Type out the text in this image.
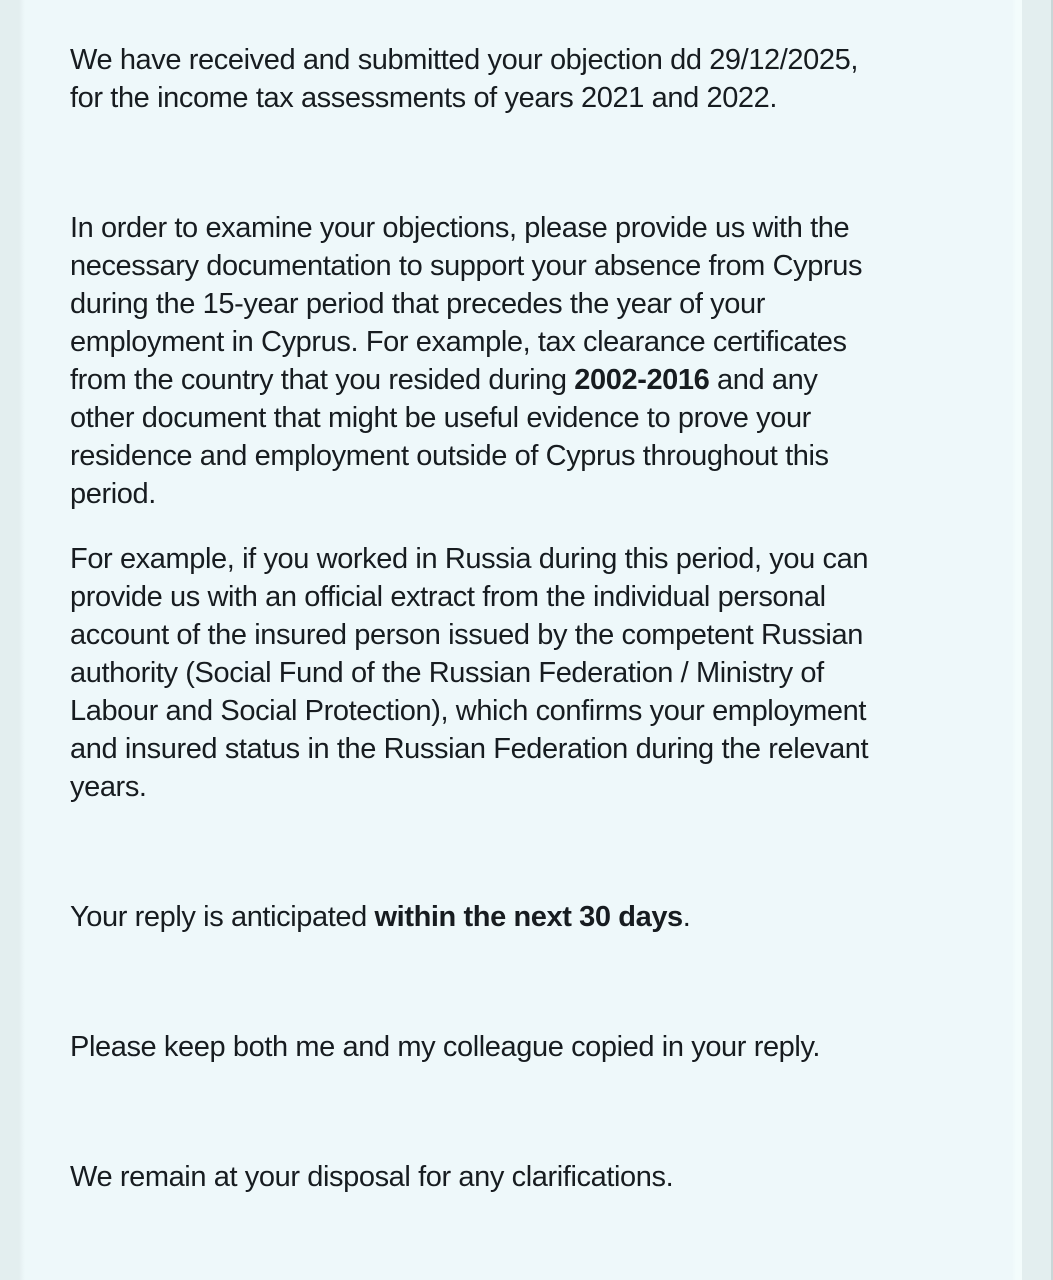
We have received and submitted your objection dd 29/12/2025,
for the income tax assessments of years 2021 and 2022.
In order to examine your objections, please provide us with the
necessary documentation to support your absence from Cyprus
during the 15-year period that precedes the year of your
employment in Cyprus. For example, tax clearance certificates
from the country that you resided during 2002-2016 and any
other document that might be useful evidence to prove your
residence and employment outside of Cyprus throughout this
period.
For example, if you worked in Russia during this period, you can
provide us with an official extract from the individual personal
account of the insured person issued by the competent Russian
authority (Social Fund of the Russian Federation / Ministry of
Labour and Social Protection), which confirms your employment
and insured status in the Russian Federation during the relevant
years.
Your reply is anticipated within the next 30 days.
Please keep both me and my colleague copied in your reply.
We remain at your disposal for any clarifications.
